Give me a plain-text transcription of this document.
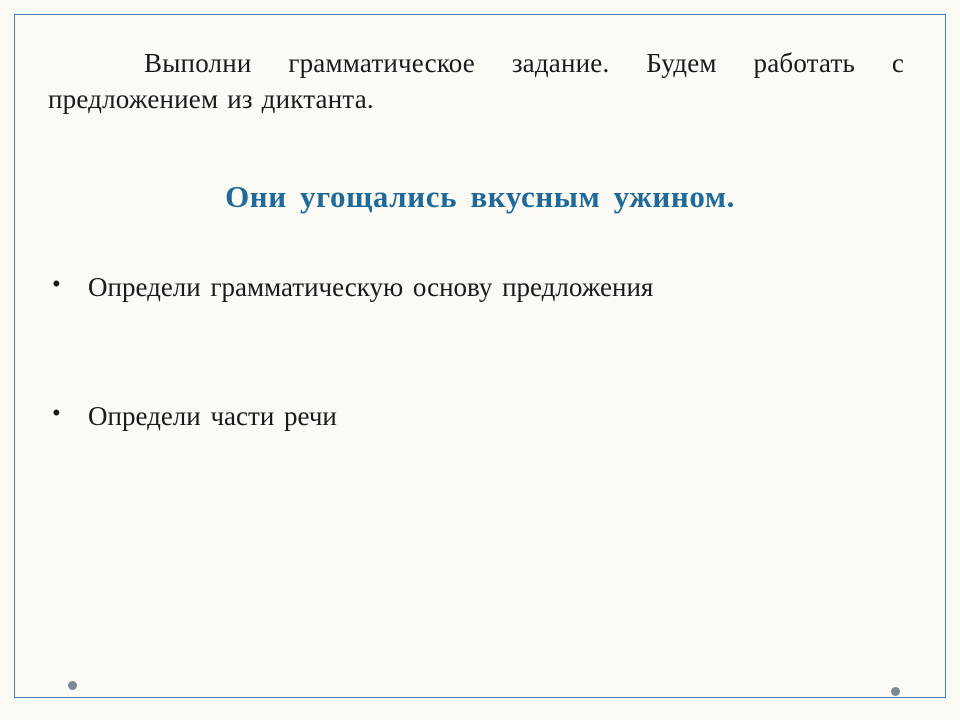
Выполни грамматическое задание. Будем работать с предложением из диктанта.

Они угощались вкусным ужином.
•	Определи грамматическую основу предложения
•	Определи части речи
